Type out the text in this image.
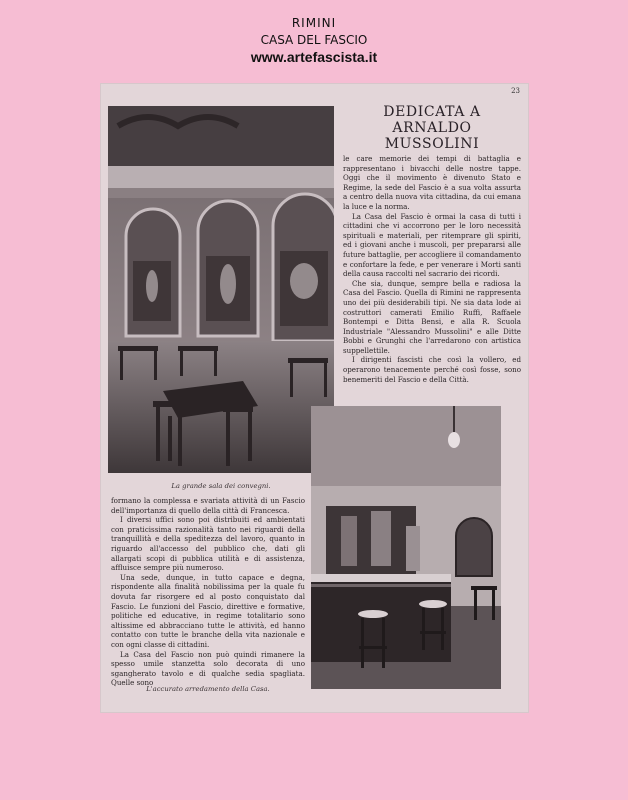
RIMINI
CASA DEL FASCIO
www.artefascista.it
23
La grande sala dei convegni.
DEDICATA A ARNALDO
MUSSOLINI

le care memorie dei tempi di battaglia e rappresentano i bivacchi delle nostre tappe. Oggi che il movimento è divenuto Stato e Regime, la sede del Fascio è a sua volta assurta a centro della nuova vita cittadina, da cui emana la luce e la norma.

La Casa del Fascio è ormai la casa di tutti i cittadini che vi accorrono per le loro necessità spirituali e materiali, per ritemprare gli spiriti, ed i giovani anche i muscoli, per prepararsi alle future battaglie, per accogliere il comandamento e confortare la fede, e per venerare i Morti santi della causa raccolti nel sacrario dei ricordi.

Che sia, dunque, sempre bella e radiosa la Casa del Fascio. Quella di Rimini ne rappresenta uno dei più desiderabili tipi. Ne sia data lode ai costruttori camerati Emilio Ruffi, Raffaele Bontempi e Ditta Bensi, e alla R. Scuola Industriale "Alessandro Mussolini" e alle Ditte Bobbi e Grunghi che l'arredarono con artistica suppellettile.

I dirigenti fascisti che così la vollero, ed operarono tenacemente perché così fosse, sono benemeriti del Fascio e della Città.

formano la complessa e svariata attività di un Fascio dell'importanza di quello della città di Francesca.

I diversi uffici sono poi distribuiti ed ambientati con praticissima razionalità tanto nei riguardi della tranquillità e della speditezza del lavoro, quanto in riguardo all'accesso del pubblico che, dati gli allargati scopi di pubblica utilità e di assistenza, affluisce sempre più numeroso.

Una sede, dunque, in tutto capace e degna, rispondente alla finalità nobilissima per la quale fu dovuta far risorgere ed al posto conquistato dal Fascio. Le funzioni del Fascio, direttive e formative, politiche ed educative, in regime totalitario sono altissime ed abbracciano tutte le attività, ed hanno contatto con tutte le branche della vita nazionale e con ogni classe di cittadini.

La Casa del Fascio non può quindi rimanere la spesso umile stanzetta solo decorata di uno sgangherato tavolo e di qualche sedia spagliata. Quelle sono

L'accurato arredamento della Casa.
